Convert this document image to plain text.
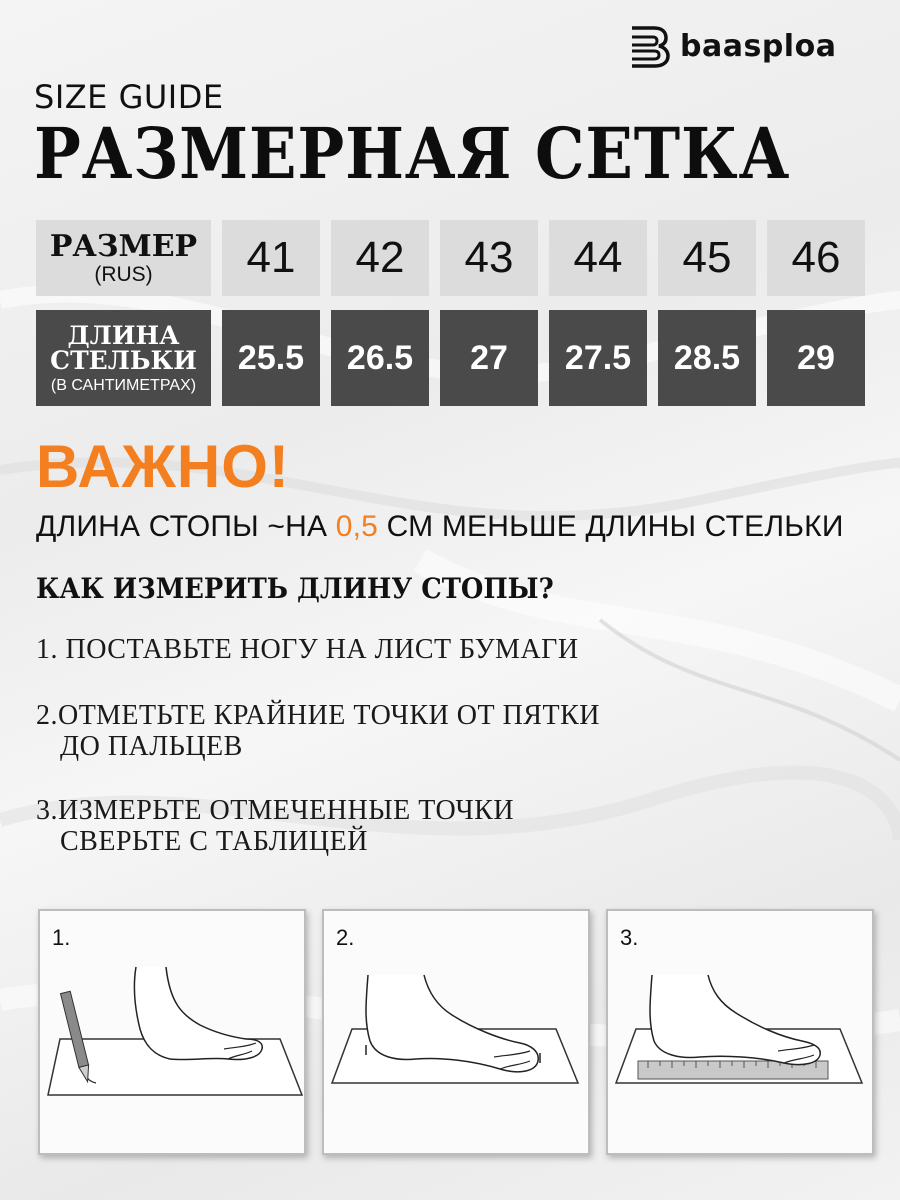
baasploa
SIZE GUIDE
РАЗМЕРНАЯ СЕТКА
РАЗМЕР
(RUS) 41 42 43 44 45 46
ДЛИНА
СТЕЛЬКИ
(В САНТИМЕТРАХ)
25.5 26.5 27 27.5 28.5 29
ВАЖНО!
ДЛИНА СТОПЫ ~НА 0,5 СМ МЕНЬШЕ ДЛИНЫ СТЕЛЬКИ
КАК ИЗМЕРИТЬ ДЛИНУ СТОПЫ?
1. ПОСТАВЬТЕ НОГУ НА ЛИСТ БУМАГИ
2.ОТМЕТЬТЕ КРАЙНИЕ ТОЧКИ ОТ ПЯТКИ
ДО ПАЛЬЦЕВ
3.ИЗМЕРЬТЕ ОТМЕЧЕННЫЕ ТОЧКИ
СВЕРЬТЕ С ТАБЛИЦЕЙ
1.	2.	3.
